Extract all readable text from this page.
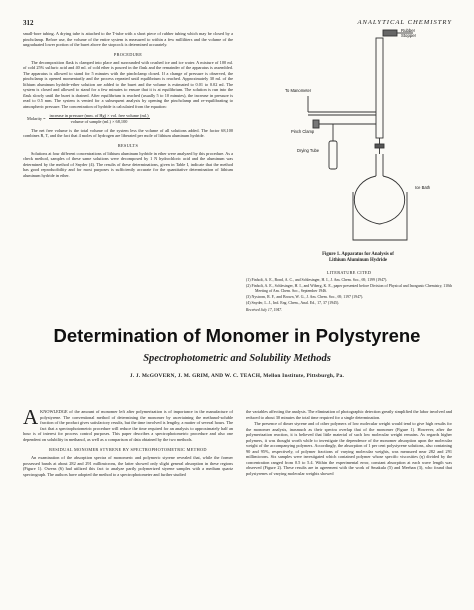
312	ANALYTICAL CHEMISTRY

small-bore tubing. A drying tube is attached to the T-tube with a short piece of rubber tubing which may be closed by a pinchclamp. Before use, the volume of the entire system is measured to within a few milliliters and the volume of the ungraduated lower portion of the buret above the stopcock is determined accurately.

PROCEDURE

The decomposition flask is clamped into place and surrounded with crushed ice and ice water. A mixture of 100 ml. of cold 25% sulfuric acid and 40 ml. of cold ether is poured in the flask and the remainder of the apparatus is assembled. The apparatus is allowed to stand for 5 minutes with the pinchclamp closed. If a change of pressure is observed, the pinchclamp is opened momentarily and the process repeated until equilibrium is reached. Approximately 30 ml. of the lithium aluminum hydride-ether solution are added to the buret and the volume is estimated to 0.01 to 0.02 ml. The system is closed and allowed to stand for a few minutes to ensure that it is at equilibrium. The solution is run into the flask slowly until the buret is drained. After equilibrium is reached (usually 5 to 10 minutes), the increase in pressure is read to 0.5 mm. The system is vented for a subsequent analysis by opening the pinchclamp and re-equilibrating to atmospheric pressure. The concentration of hydride is calculated from the equation:

Molarity =
increase in pressure (mm. of Hg) × vol. free volume (ml.)
volume of sample (ml.) × 68,100

The net free volume is the total volume of the system less the volume of all solutions added. The factor 68,100 combines R, T, and the fact that 4 moles of hydrogen are liberated per mole of lithium aluminum hydride.

RESULTS

Solutions at four different concentrations of lithium aluminum hydride in ether were analyzed by this procedure. As a check method, samples of these same solutions were decomposed by 1 N hydrochloric acid and the aluminum was determined by the method of Snyder (4). The results of these determinations, given in Table I, indicate that the method has good reproducibility and for most purposes is sufficiently accurate for the quantitative determination of lithium aluminum hydride in ether.

Rubber
Stopper
To Manometer
Pinch Clamp
Drying Tube
Ice Bath
Figure 1. Apparatus for Analysis of
Lithium Aluminum Hydride
LITERATURE CITED

(1) Finholt, A. E., Bond, A. C., and Schlesinger, H. I., J. Am. Chem. Soc., 69, 1199 (1947).

(2) Finholt, A. E., Schlesinger, H. I., and Wiberg, K. E., paper presented before Division of Physical and Inorganic Chemistry, 110th Meeting of Am. Chem. Soc., September 1946.

(3) Nystrom, R. F., and Brown, W. G., J. Am. Chem. Soc., 69, 1197 (1947).

(4) Snyder, L. J., Ind. Eng. Chem., Anal. Ed., 17, 37 (1945).

Received July 17, 1947.

Determination of Monomer in Polystyrene
Spectrophotometric and Solubility Methods
J. J. McGOVERN, J. M. GRIM, AND W. C. TEACH, Mellon Institute, Pittsburgh, Pa.

AKNOWLEDGE of the amount of monomer left after polymerization is of importance in the manufacture of polystyrene. The conventional method of determining the monomer by ascertaining the methanol-soluble fraction of the product gives satisfactory results, but the time involved is lengthy, a matter of several hours. The fact that a spectrophotometric procedure will reduce the time required for an analysis to approximately half an hour is of interest for process control purposes. This paper describes a spectrophotometric procedure and also one dependent on solubility in methanol, as well as a comparison of data obtained by the two methods.

RESIDUAL MONOMER STYRENE BY SPECTROPHOTOMETRIC METHOD

An examination of the absorption spectra of monomeric and polymeric styrene revealed that, while the former possessed bands at about 282 and 291 millimicrons, the latter showed only slight general absorption in these regions (Figure 1). Owens (6) had utilized this fact to analyze partly polymerized styrene samples with a medium quartz spectrograph. The authors have adopted the method to a spectrophotometer and further studied

the variables affecting the analysis. The elimination of photographic detection greatly simplified the labor involved and reduced to about 30 minutes the total time required for a single determination.

The presence of dimer styrene and of other polymers of low molecular weight would tend to give high results for the monomer analysis, inasmuch as their spectra overlap that of the monomer (Figure 1). However, after the polymerization reaction, it is believed that little material of such low molecular weight remains. As regards higher polymers, it was thought worth while to investigate the dependence of the monomer absorption upon the molecular weight of the accompanying polymers. Accordingly, the absorption of 1 per cent polystyrene solutions, also containing 90 and 95%, respectively, of polymer fractions of varying molecular weights, was measured near 282 and 291 millimicrons. Six samples were investigated which contained polymer whose specific viscosities (η) divided by the concentration ranged from 0.5 to 5.4. Within the experimental error, constant absorption at each wave length was observed (Figure 2). These results are in agreement with the work of Smakula (5) and Meehan (3), who found that polystyrenes of varying molecular weights showed
